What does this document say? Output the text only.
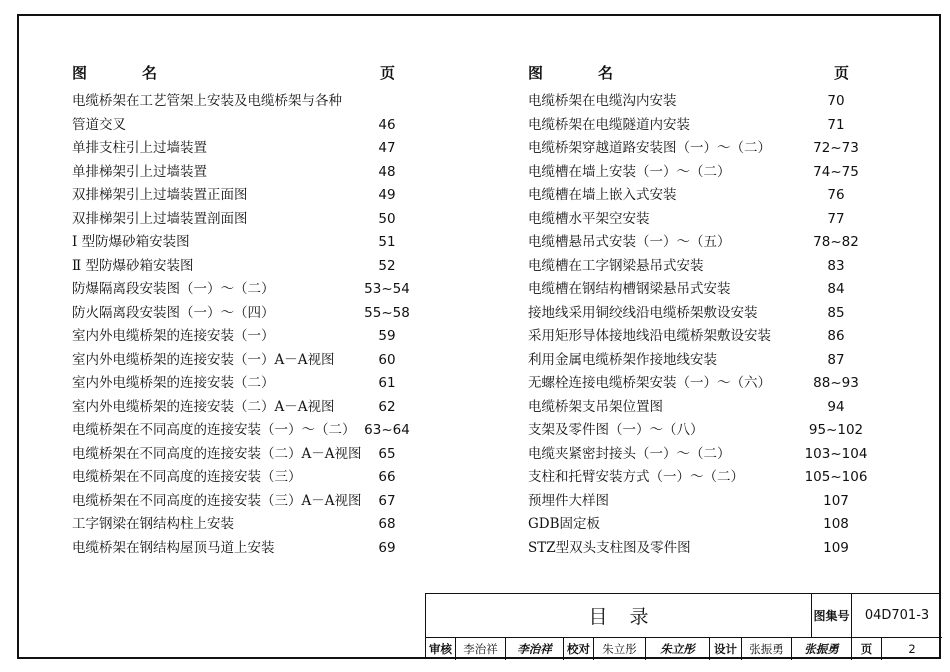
图	名	页
电缆桥架在工艺管架上安装及电缆桥架与各种
管道交叉	46
单排支柱引上过墙装置	47
单排梯架引上过墙装置	48
双排梯架引上过墙装置正面图	49
双排梯架引上过墙装置剖面图	50
Ⅰ 型防爆砂箱安装图	51
Ⅱ 型防爆砂箱安装图	52
防爆隔离段安装图（一）～（二）	53~54
防火隔离段安装图（一）～（四）	55~58
室内外电缆桥架的连接安装（一）	59
室内外电缆桥架的连接安装（一）A－A视图	60
室内外电缆桥架的连接安装（二）	61
室内外电缆桥架的连接安装（二）A－A视图	62
电缆桥架在不同高度的连接安装（一）～（二） 63~64
电缆桥架在不同高度的连接安装（二）A－A视图	65
电缆桥架在不同高度的连接安装（三）	66
电缆桥架在不同高度的连接安装（三）A－A视图	67
工字钢梁在钢结构柱上安装	68
电缆桥架在钢结构屋顶马道上安装	69
图	名	页
电缆桥架在电缆沟内安装	70
电缆桥架在电缆隧道内安装	71
电缆桥架穿越道路安装图（一）～（二）	72~73
电缆槽在墙上安装（一）～（二）	74~75
电缆槽在墙上嵌入式安装	76
电缆槽水平架空安装	77
电缆槽悬吊式安装（一）～（五）	78~82
电缆槽在工字钢梁悬吊式安装	83
电缆槽在钢结构槽钢梁悬吊式安装	84
接地线采用铜绞线沿电缆桥架敷设安装	85
采用矩形导体接地线沿电缆桥架敷设安装	86
利用金属电缆桥架作接地线安装	87
无螺栓连接电缆桥架安装（一）～（六）	88~93
电缆桥架支吊架位置图	94
支架及零件图（一）～（八）	95~102
电缆夹紧密封接头（一）～（二）	103~104
支柱和托臂安装方式（一）～（二）	105~106
预埋件大样图	107
GDB固定板	108
STZ型双头支柱图及零件图	109
目录	图集号	04D701-3
审核 李治祥	李治祥	校对	朱立彤	朱立彤	设计	张振勇	张振勇	页	2
